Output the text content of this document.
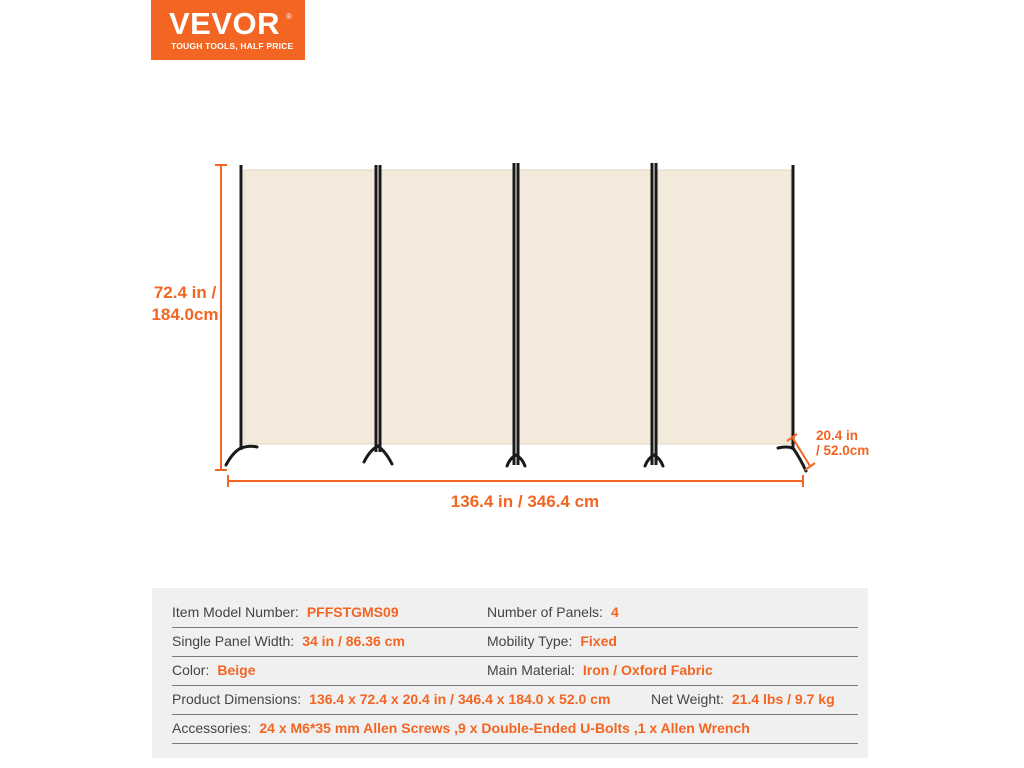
VEVOR ®
TOUGH TOOLS, HALF PRICE
72.4 in /
184.0cm
136.4 in / 346.4 cm
20.4 in
/ 52.0cm
Item Model Number: PFFSTGMS09	Number of Panels: 4
Single Panel Width: 34 in / 86.36 cm	Mobility Type: Fixed
Color: Beige	Main Material: Iron / Oxford Fabric
Product Dimensions: 136.4 x 72.4 x 20.4 in / 346.4 x 184.0 x 52.0 cm	Net Weight: 21.4 lbs / 9.7 kg
Accessories: 24 x M6*35 mm Allen Screws ,9 x Double-Ended U-Bolts ,1 x Allen Wrench
